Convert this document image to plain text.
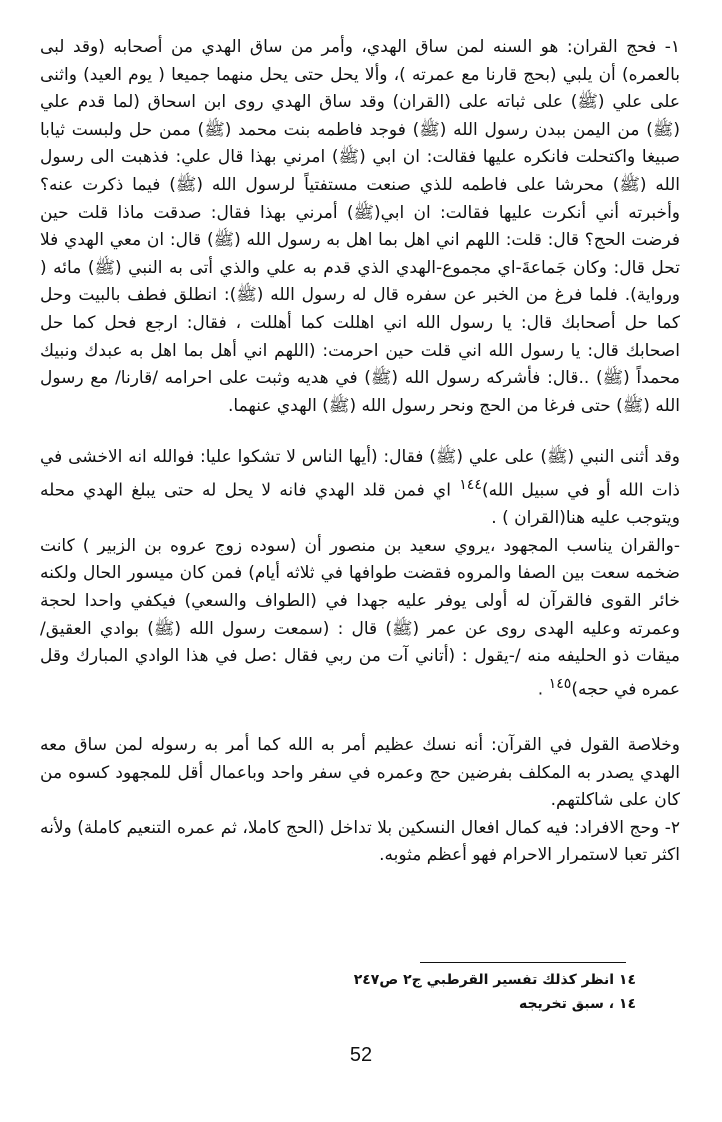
١- فحج القران: هو السنه لمن ساق الهدي، وأمر من ساق الهدي من أصحابه (وقد لبى بالعمره) أن يلبي (بحج قارنا مع عمرته )، وألا يحل حتى يحل منهما جميعا ( يوم العيد) واثنى على علي (ﷺ) على ثباته على (القران) وقد ساق الهدي روى ابن اسحاق (لما قدم علي (ﷺ) من اليمن ببدن رسول الله (ﷺ) فوجد فاطمه بنت محمد (ﷺ) ممن حل ولبست ثيابا صبيغا واكتحلت فانكره عليها فقالت: ان ابي (ﷺ) امرني بهذا قال علي: فذهبت الى رسول الله (ﷺ) محرشا على فاطمه للذي صنعت مستفتياً لرسول الله (ﷺ) فيما ذكرت عنه؟ وأخبرته أني أنكرت عليها فقالت: ان ابي(ﷺ) أمرني بهذا فقال: صدقت ماذا قلت حين فرضت الحج؟ قال: قلت: اللهم اني اهل بما اهل به رسول الله (ﷺ) قال: ان معي الهدي فلا تحل قال: وكان جَماعةَ-اي مجموع-الهدي الذي قدم به علي والذي أتى به النبي (ﷺ) مائه ( ورواية). فلما فرغ من الخبر عن سفره قال له رسول الله (ﷺ): انطلق فطف بالبيت وحل كما حل أصحابك قال: يا رسول الله اني اهللت كما أهللت ، فقال: ارجع فحل كما حل اصحابك قال: يا رسول الله اني قلت حين احرمت: (اللهم اني أهل بما اهل به عبدك ونبيك محمداً (ﷺ) ..قال: فأشركه رسول الله (ﷺ) في هديه وثبت على احرامه /قارنا/ مع رسول الله (ﷺ) حتى فرغا من الحج ونحر رسول الله (ﷺ) الهدي عنهما.

وقد أثنى النبي (ﷺ) على علي (ﷺ) فقال: (أيها الناس لا تشكوا عليا: فوالله انه الاخشى في ذات الله أو في سبيل الله)$^{١٤٤}$ اي فمن قلد الهدي فانه لا يحل له حتى يبلغ الهدي محله ويتوجب عليه هنا(القران ) .

-والقران يناسب المجهود ،يروي سعيد بن منصور أن (سوده زوج عروه بن الزبير ) كانت ضخمه سعت بين الصفا والمروه فقضت طوافها في ثلاثه أيام) فمن كان ميسور الحال ولكنه خائر القوى فالقرآن له أولى يوفر عليه جهدا في (الطواف والسعي) فيكفي واحدا لحجة وعمرته وعليه الهدى روى عن عمر (ﷺ) قال : (سمعت رسول الله (ﷺ) بوادي العقيق/ميقات ذو الحليفه منه /-يقول : (أتاني آت من ربي فقال :صل في هذا الوادي المبارك وقل عمره في حجه)$^{١٤٥}$ .

وخلاصة القول في القرآن: أنه نسك عظيم أمر به الله كما أمر به رسوله لمن ساق معه الهدي يصدر به المكلف بفرضين حج وعمره في سفر واحد وباعمال أقل للمجهود كسوه من كان على شاكلتهم.

٢- وحج الافراد: فيه كمال افعال النسكين بلا تداخل (الحج كاملا، ثم عمره التنعيم كاملة) ولأنه اكثر تعبا لاستمرار الاحرام فهو أعظم مثوبه.

١٤ انظر كذلك تفسير القرطبي ج٢ ص٢٤٧
١٤ ، سبق تخريجه
52
